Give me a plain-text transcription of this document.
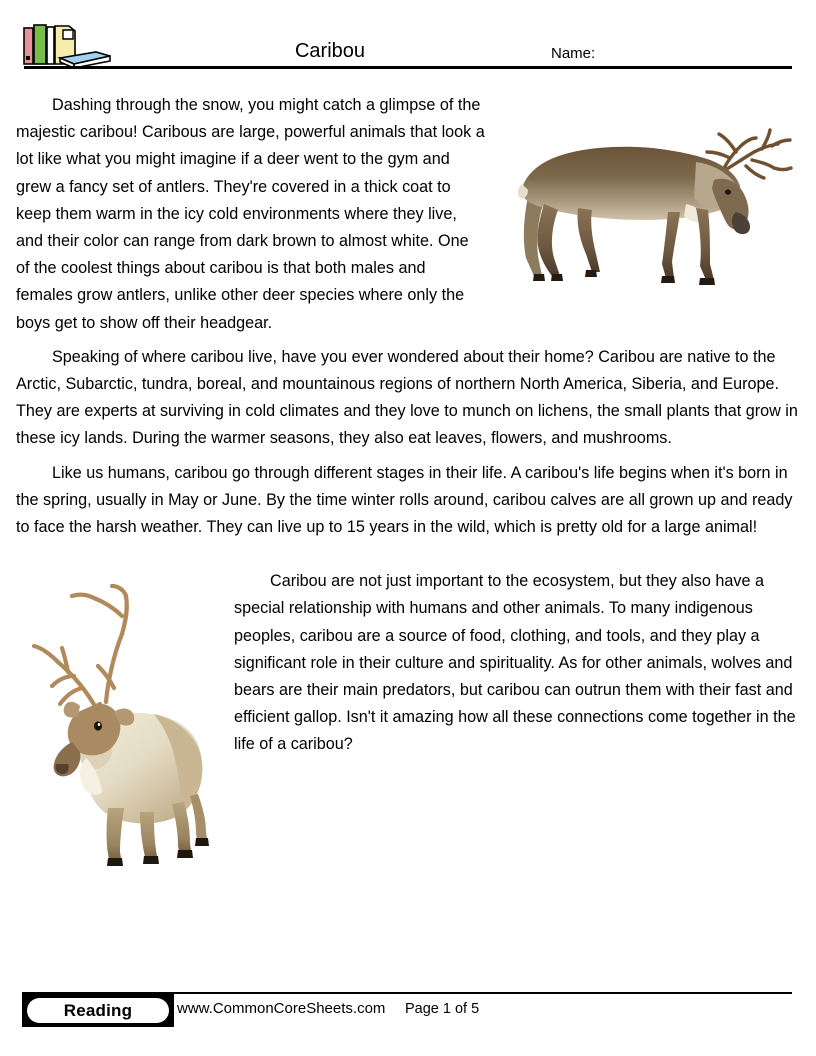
Caribou	Name:

Dashing through the snow, you might catch a glimpse of the majestic caribou! Caribous are large, powerful animals that look a lot like what you might imagine if a deer went to the gym and grew a fancy set of antlers. They're covered in a thick coat to keep them warm in the icy cold environments where they live, and their color can range from dark brown to almost white. One of the coolest things about caribou is that both males and females grow antlers, unlike other deer species where only the boys get to show off their headgear.

Speaking of where caribou live, have you ever wondered about their home? Caribou are native to the Arctic, Subarctic, tundra, boreal, and mountainous regions of northern North America, Siberia, and Europe. They are experts at surviving in cold climates and they love to munch on lichens, the small plants that grow in these icy lands. During the warmer seasons, they also eat leaves, flowers, and mushrooms.

Like us humans, caribou go through different stages in their life. A caribou's life begins when it's born in the spring, usually in May or June. By the time winter rolls around, caribou calves are all grown up and ready to face the harsh weather. They can live up to 15 years in the wild, which is pretty old for a large animal!

Caribou are not just important to the ecosystem, but they also have a special relationship with humans and other animals. To many indigenous peoples, caribou are a source of food, clothing, and tools, and they play a significant role in their culture and spirituality. As for other animals, wolves and bears are their main predators, but caribou can outrun them with their fast and efficient gallop. Isn't it amazing how all these connections come together in the life of a caribou?

Reading	www.CommonCoreSheets.com Page 1 of 5
